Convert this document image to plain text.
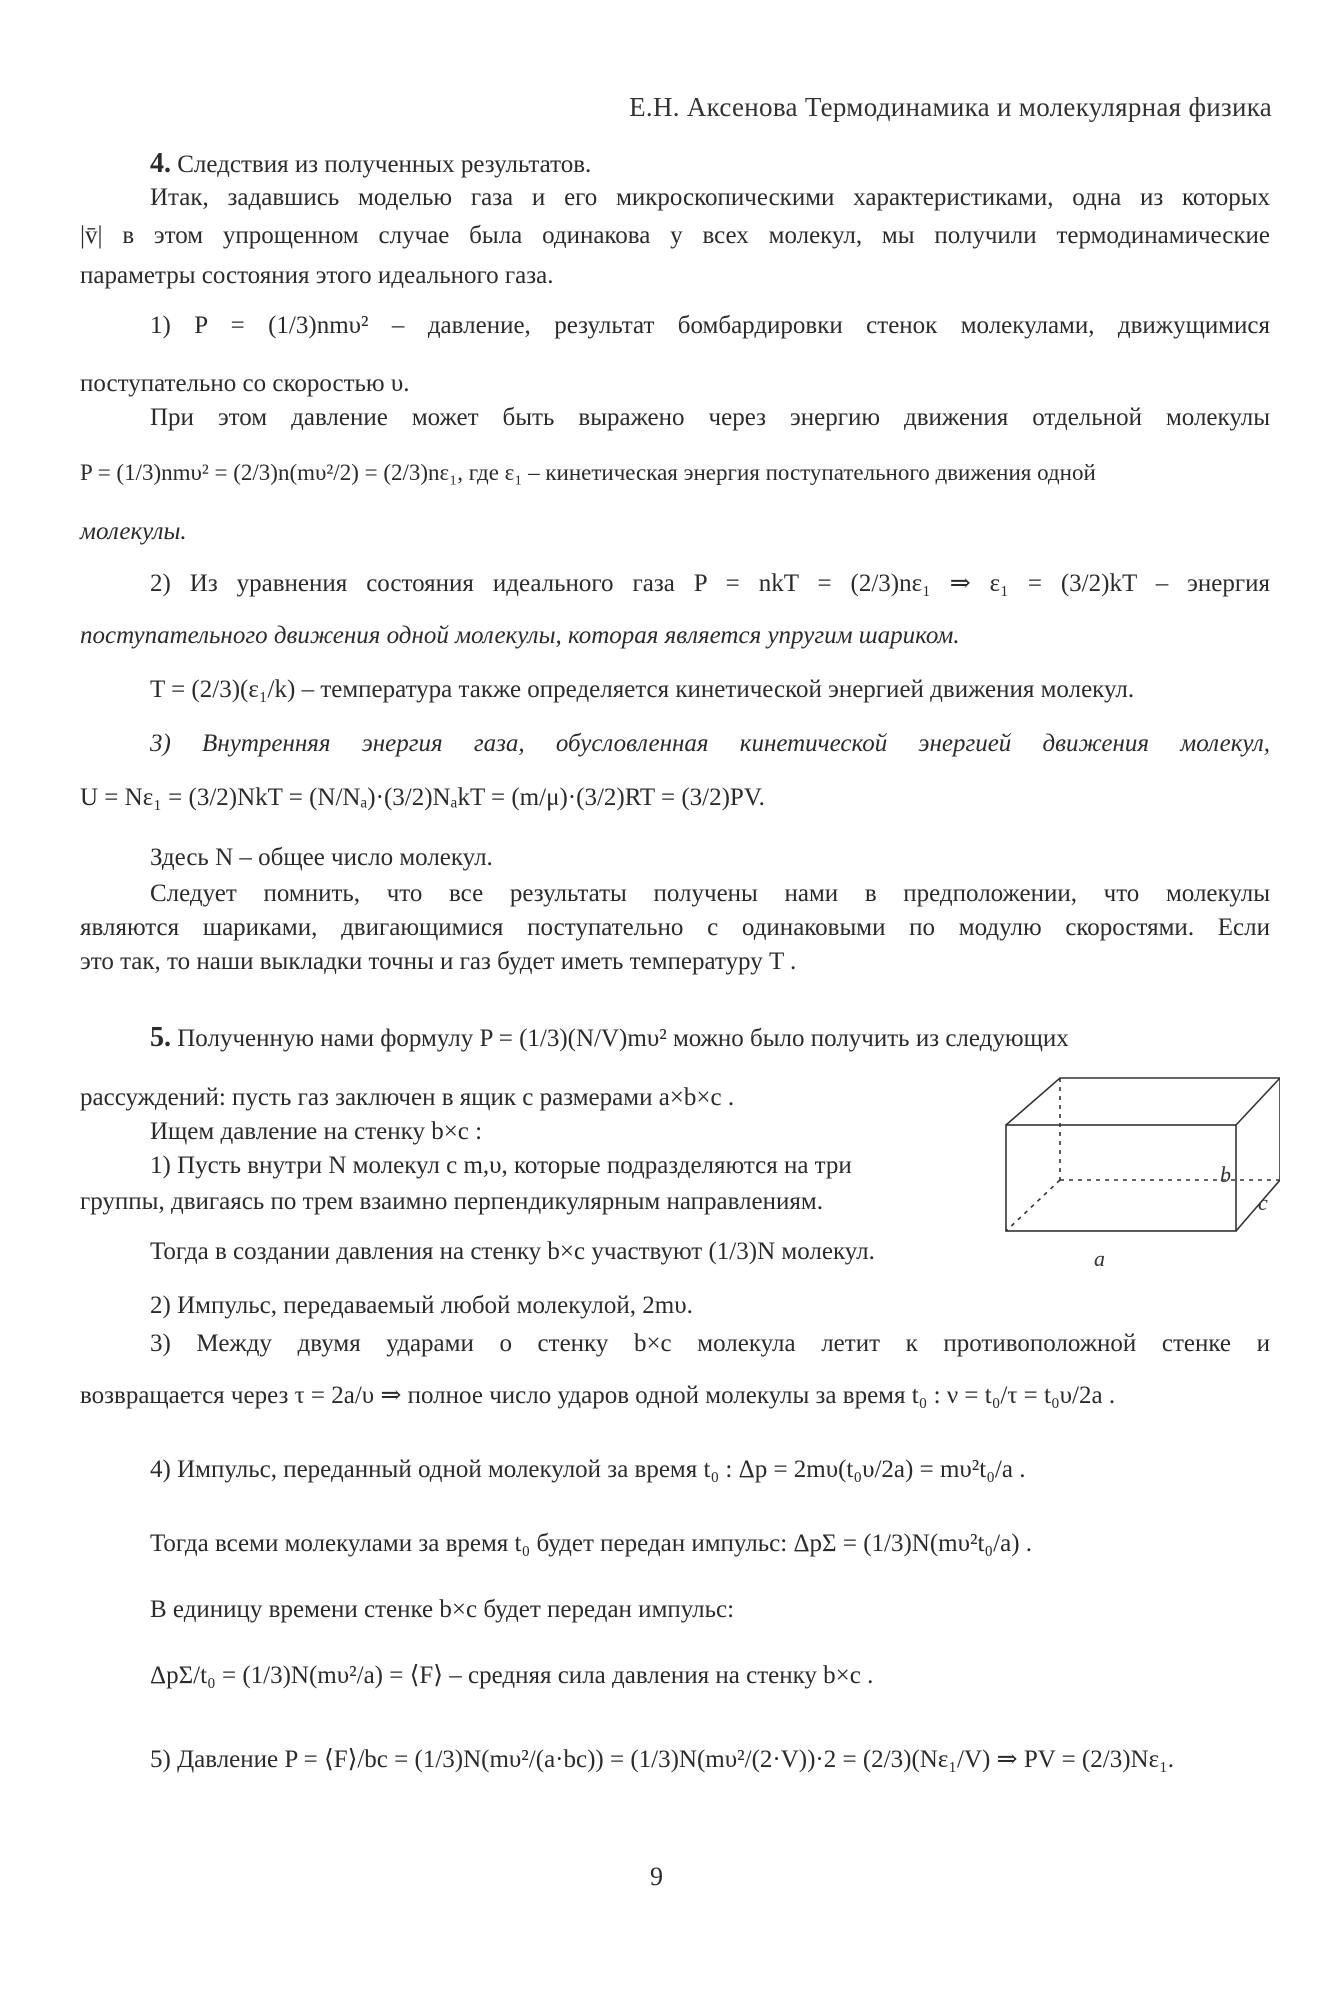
Е.Н. Аксенова Термодинамика и молекулярная физика
4. Следствия из полученных результатов.
Итак, задавшись моделью газа и его микроскопическими характеристиками, одна из которых
|v̄| в этом упрощенном случае была одинакова у всех молекул, мы получили термодинамические
параметры состояния этого идеального газа.
1) P = (1/3)nmυ² – давление, результат бомбардировки стенок молекулами, движущимися
поступательно со скоростью υ.
При этом давление может быть выражено через энергию движения отдельной молекулы
P = (1/3)nmυ² = (2/3)n(mυ²/2) = (2/3)nε₁, где ε₁ – кинетическая энергия поступательного движения одной
молекулы.
2) Из уравнения состояния идеального газа P = nkT = (2/3)nε₁ ⇒ ε₁ = (3/2)kT – энергия
поступательного движения одной молекулы, которая является упругим шариком.
T = (2/3)(ε₁/k) – температура также определяется кинетической энергией движения молекул.
3) Внутренняя энергия газа, обусловленная кинетической энергией движения молекул,
U = Nε₁ = (3/2)NkT = (N/Nₐ)·(3/2)NₐkT = (m/μ)·(3/2)RT = (3/2)PV.
Здесь N – общее число молекул.
Следует помнить, что все результаты получены нами в предположении, что молекулы
являются шариками, двигающимися поступательно с одинаковыми по модулю скоростями. Если
это так, то наши выкладки точны и газ будет иметь температуру T .
5. Полученную нами формулу P = (1/3)(N/V)mυ² можно было получить из следующих
рассуждений: пусть газ заключен в ящик с размерами a×b×c .
Ищем давление на стенку b×c :
1) Пусть внутри N молекул с m,υ, которые подразделяются на три
группы, двигаясь по трем взаимно перпендикулярным направлениям.
Тогда в создании давления на стенку b×c участвуют (1/3)N молекул.
b
c
a
2) Импульс, передаваемый любой молекулой, 2mυ.
3) Между двумя ударами о стенку b×c молекула летит к противоположной стенке и
возвращается через τ = 2a/υ ⇒ полное число ударов одной молекулы за время t₀ : ν = t₀/τ = t₀υ/2a .
4) Импульс, переданный одной молекулой за время t₀ : Δp = 2mυ(t₀υ/2a) = mυ²t₀/a .
Тогда всеми молекулами за время t₀ будет передан импульс: ΔpΣ = (1/3)N(mυ²t₀/a) .
В единицу времени стенке b×c будет передан импульс:
ΔpΣ/t₀ = (1/3)N(mυ²/a) = ⟨F⟩ – средняя сила давления на стенку b×c .
5) Давление P = ⟨F⟩/bc = (1/3)N(mυ²/(a·bc)) = (1/3)N(mυ²/(2·V))·2 = (2/3)(Nε₁/V) ⇒ PV = (2/3)Nε₁.
9
